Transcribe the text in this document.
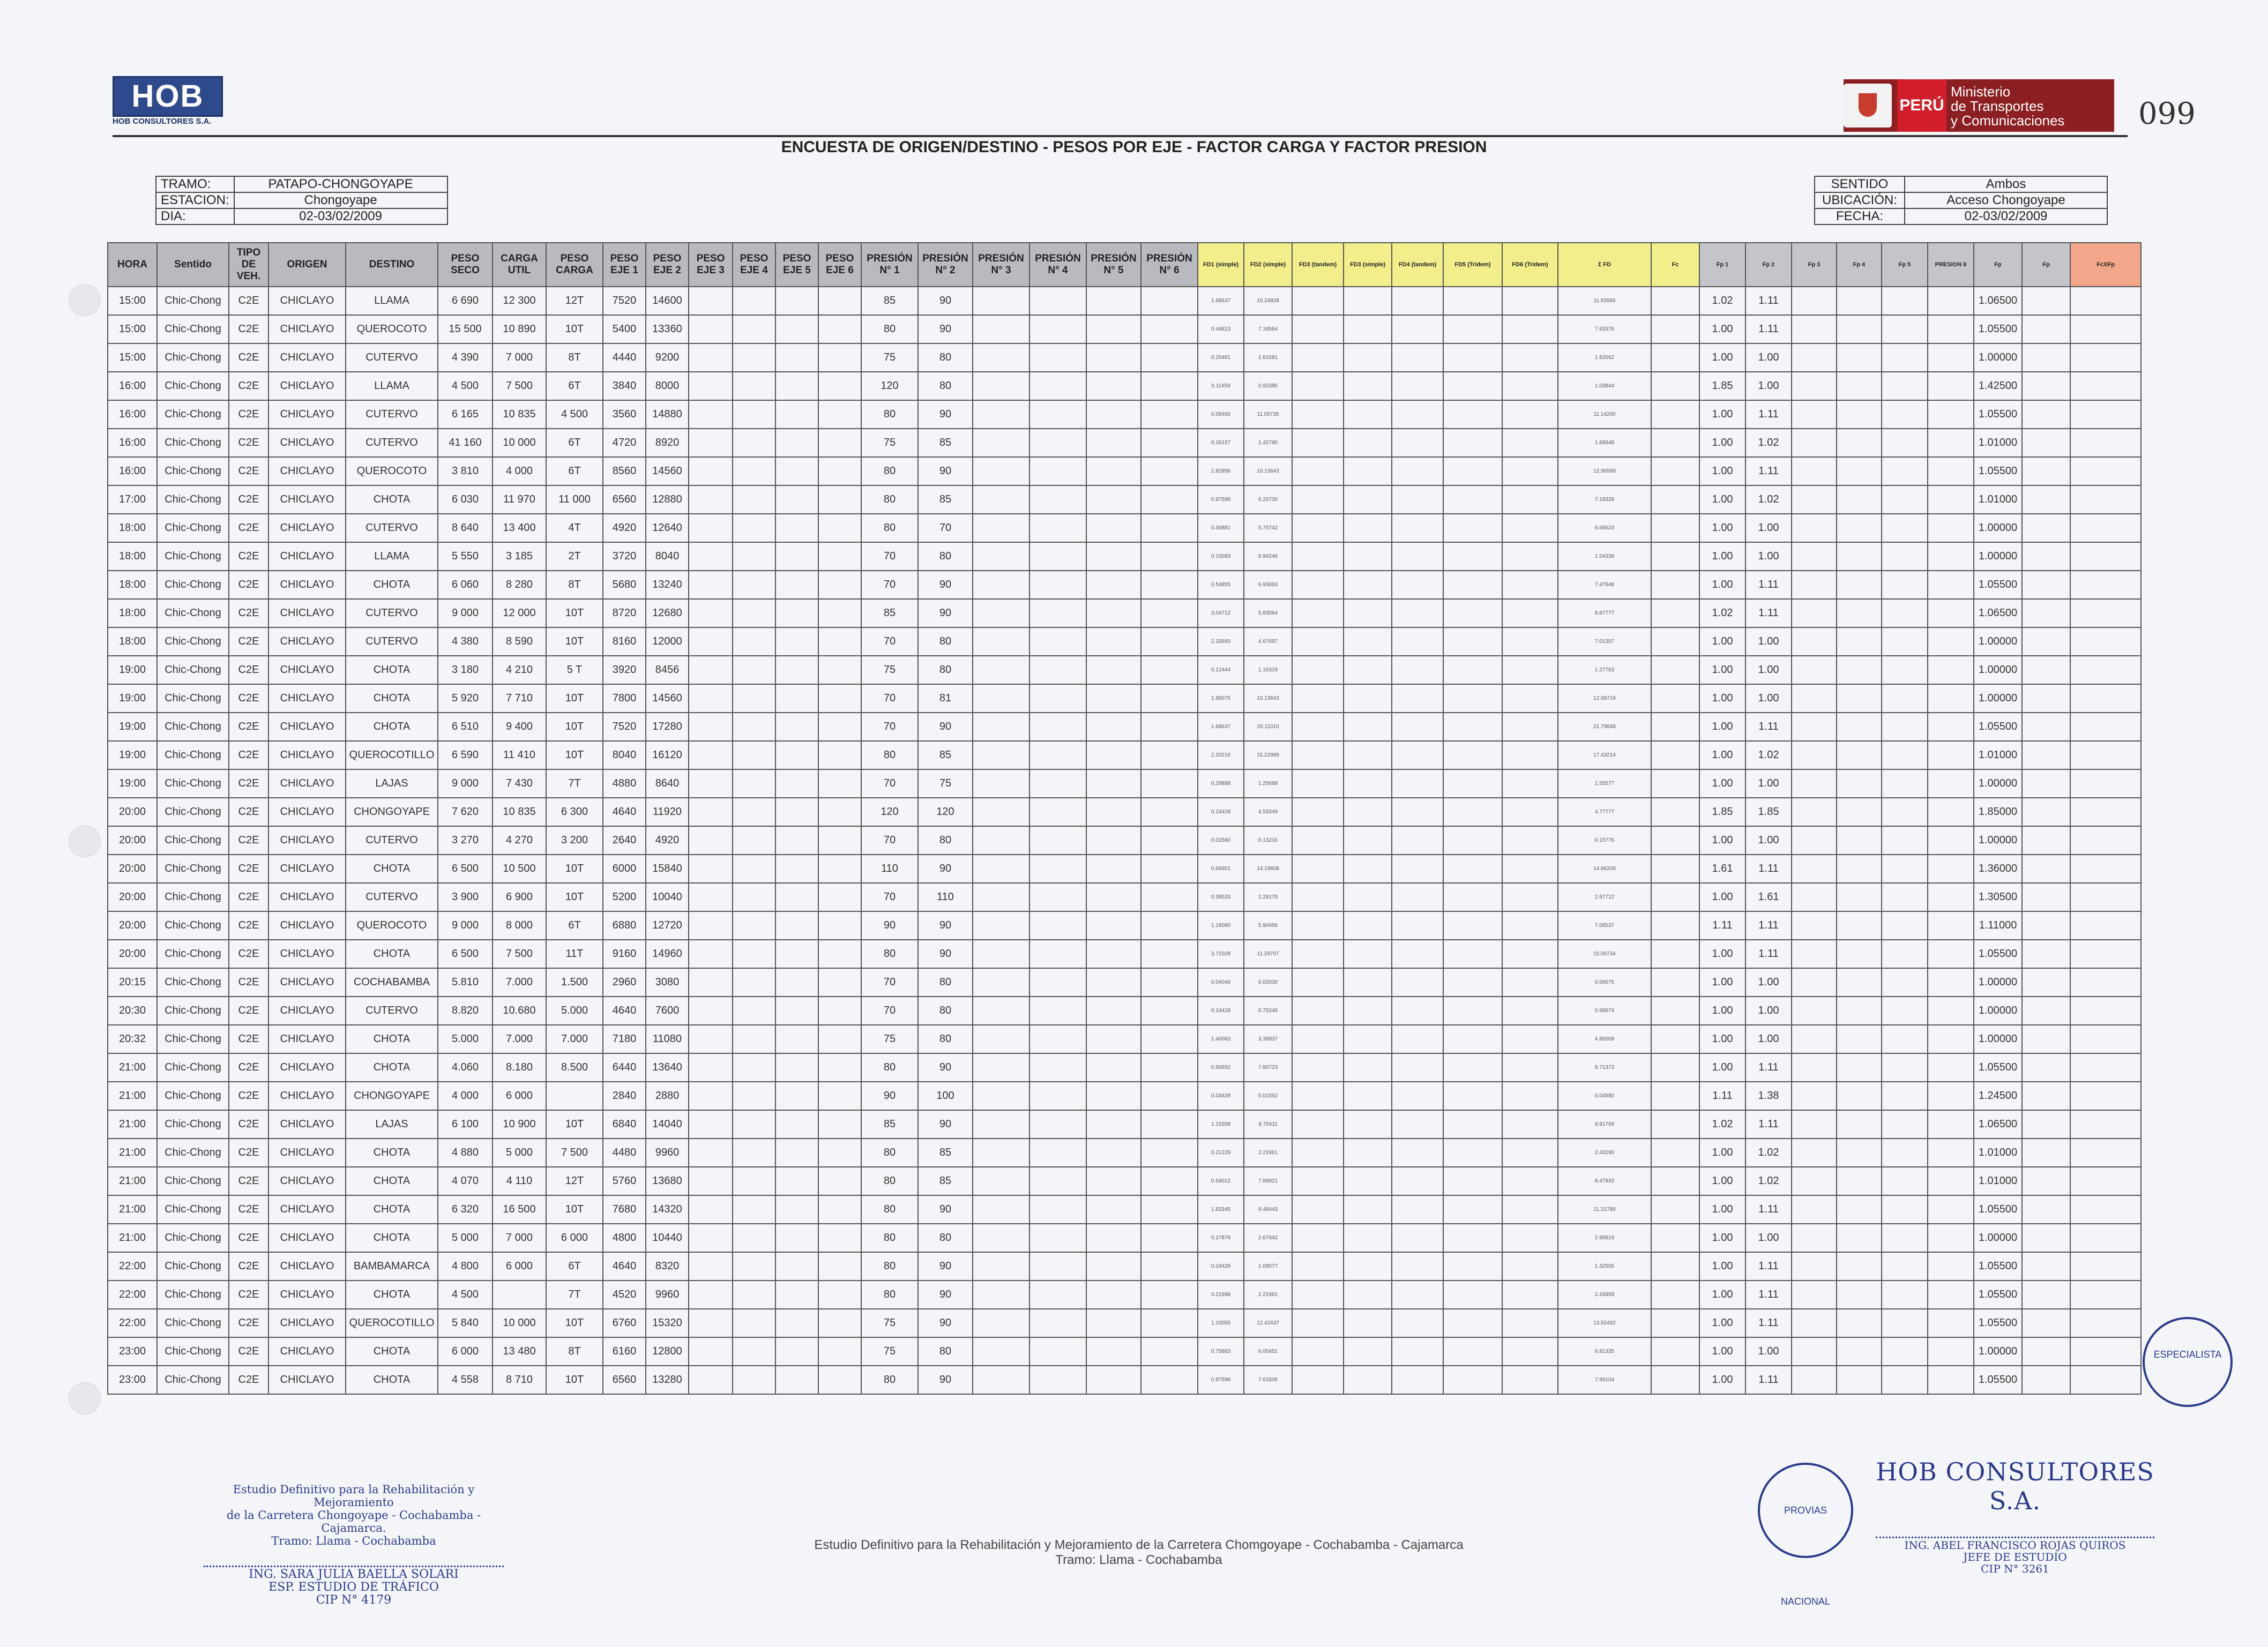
HOB
HOB CONSULTORES S.A.
PERÚ
Ministerio
de Transportes
y Comunicaciones 099
ENCUESTA DE ORIGEN/DESTINO - PESOS POR EJE - FACTOR CARGA Y FACTOR PRESION
TRAMO:	PATAPO-CHONGOYAPE
ESTACION:	Chongoyape
DIA:	02-03/02/2009
SENTIDO	Ambos
UBICACIÓN:	Acceso Chongoyape
FECHA:	02-03/02/2009
HORA	Sentido	TIPO DE VEH.	ORIGEN	DESTINO	PESO SECO	CARGA UTIL	PESO CARGA	PESO EJE 1	PESO EJE 2	PESO EJE 3	PESO EJE 4	PESO EJE 5	PESO EJE 6	PRESIÓN N° 1	PRESIÓN N° 2	PRESIÓN N° 3	PRESIÓN N° 4	PRESIÓN N° 5	PRESIÓN N° 6	FD1 (simple)	FD2 (simple)	FD3 (tandem)	FD3 (simple)	FD4 (tandem)	FD5 (Tridem)	FD6 (Tridem)	Σ FD	Fc	Fp 1	Fp 2	Fp 3	Fp 4	Fp 5	PRESION 6	Fp	Fp	FcXFp
15:00	Chic-Chong	C2E	CHICLAYO	LLAMA	6 690	12 300	12T	7520	14600					85	90					1.68637	10.24828						11.93565		1.02	1.11					1.06500		
15:00	Chic-Chong	C2E	CHICLAYO	QUEROCOTO	15 500	10 890	10T	5400	13360					80	90					0.44813	7.18564						7.63376		1.00	1.11					1.05500		
15:00	Chic-Chong	C2E	CHICLAYO	CUTERVO	4 390	7 000	8T	4440	9200					75	80					0.20481	1.61581						1.82062		1.00	1.00					1.00000		
16:00	Chic-Chong	C2E	CHICLAYO	LLAMA	4 500	7 500	6T	3840	8000					120	80					0.11459	0.92385						1.03844		1.85	1.00					1.42500		
16:00	Chic-Chong	C2E	CHICLAYO	CUTERVO	6 165	10 835	4 500	3560	14880					80	90					0.08465	11.05735						11.14200		1.00	1.11					1.05500		
16:00	Chic-Chong	C2E	CHICLAYO	CUTERVO	41 160	10 000	6T	4720	8920					75	85					0.26157	1.42790						1.68948		1.00	1.02					1.01000		
16:00	Chic-Chong	C2E	CHICLAYO	QUEROCOTO	3 810	4 000	6T	8560	14560					80	90					2.82956	10.13643						12.96599		1.00	1.11					1.05500		
17:00	Chic-Chong	C2E	CHICLAYO	CHOTA	6 030	11 970	11 000	6560	12880					80	85					0.97598	6.20730						7.18328		1.00	1.02					1.01000		
18:00	Chic-Chong	C2E	CHICLAYO	CUTERVO	8 640	13 400	4T	4920	12640					80	70					0.30881	5.75742						6.06623		1.00	1.00					1.00000		
18:00	Chic-Chong	C2E	CHICLAYO	LLAMA	5 550	3 185	2T	3720	8040					70	80					0.10093	0.94246						1.04339		1.00	1.00					1.00000		
18:00	Chic-Chong	C2E	CHICLAYO	CHOTA	6 060	8 280	8T	5680	13240					70	90					0.54855	6.93093						7.47948		1.00	1.11					1.05500		
18:00	Chic-Chong	C2E	CHICLAYO	CUTERVO	9 000	12 000	10T	8720	12680					85	90					3.04712	5.83064						8.87777		1.02	1.11					1.06500		
18:00	Chic-Chong	C2E	CHICLAYO	CUTERVO	4 380	8 590	10T	8160	12000					70	80					2.33660	4.67697						7.01357		1.00	1.00					1.00000		
19:00	Chic-Chong	C2E	CHICLAYO	CHOTA	3 180	4 210	5 T	3920	8456					75	80					0.12444	1.15319						1.27763		1.00	1.00					1.00000		
19:00	Chic-Chong	C2E	CHICLAYO	CHOTA	5 920	7 710	10T	7800	14560					70	81					1.95075	10.13643						12.08719		1.00	1.00					1.00000		
19:00	Chic-Chong	C2E	CHICLAYO	CHOTA	6 510	9 400	10T	7520	17280					70	90					1.68637	20.11010						21.79648		1.00	1.11					1.05500		
19:00	Chic-Chong	C2E	CHICLAYO	QUEROCOTILLO	6 590	11 410	10T	8040	16120					80	85					2.20216	15.22999						17.43214		1.00	1.02					1.01000		
19:00	Chic-Chong	C2E	CHICLAYO	LAJAS	9 000	7 430	7T	4880	8640					70	75					0.29888	1.25688						1.55577		1.00	1.00					1.00000		
20:00	Chic-Chong	C2E	CHICLAYO	CHONGOYAPE	7 620	10 835	6 300	4640	11920					120	120					0.24428	4.53349						4.77777		1.85	1.85					1.85000		
20:00	Chic-Chong	C2E	CHICLAYO	CUTERVO	3 270	4 270	3 200	2640	4920					70	80					0.02560	0.13216						0.15776		1.00	1.00					1.00000		
20:00	Chic-Chong	C2E	CHICLAYO	CHOTA	6 500	10 500	10T	6000	15840					110	90					0.66601	14.19608						14.86209		1.61	1.11					1.36000		
20:00	Chic-Chong	C2E	CHICLAYO	CUTERVO	3 900	6 900	10T	5200	10040					70	110					0.38533	2.29179						2.67712		1.00	1.61					1.30500		
20:00	Chic-Chong	C2E	CHICLAYO	QUEROCOTO	9 000	8 000	6T	6880	12720					90	90					1.18080	5.90456						7.08537		1.11	1.11					1.11000		
20:00	Chic-Chong	C2E	CHICLAYO	CHOTA	6 500	7 500	11T	9160	14960					80	90					3.71028	11.29707						15.00734		1.00	1.11					1.05500		
20:15	Chic-Chong	C2E	CHICLAYO	COCHABAMBA	5.810	7.000	1.500	2960	3080					70	80					0.04046	0.02030						0.06075		1.00	1.00					1.00000		
20:30	Chic-Chong	C2E	CHICLAYO	CUTERVO	8.820	10.680	5.000	4640	7600					70	80					0.24428	0.75246						0.99674		1.00	1.00					1.00000		
20:32	Chic-Chong	C2E	CHICLAYO	CHOTA	5.000	7.000	7.000	7180	11080					75	80					1.40083	3.39937						4.80009		1.00	1.00					1.00000		
21:00	Chic-Chong	C2E	CHICLAYO	CHOTA	4.060	8.180	8.500	6440	13640					80	90					0.90650	7.80723						8.71373		1.00	1.11					1.05500		
21:00	Chic-Chong	C2E	CHICLAYO	CHONGOYAPE	4 000	6 000		2840	2880					90	100					0.03428	0.01552						0.04980		1.11	1.38					1.24500		
21:00	Chic-Chong	C2E	CHICLAYO	LAJAS	6 100	10 900	10T	6840	14040					85	90					1.15358	8.76411						9.91769		1.02	1.11					1.06500		
21:00	Chic-Chong	C2E	CHICLAYO	CHOTA	4 880	5 000	7 500	4480	9960					80	85					0.21229	2.21961						2.43190		1.00	1.02					1.01000		
21:00	Chic-Chong	C2E	CHICLAYO	CHOTA	4 070	4 110	12T	5760	13680					80	85					0.58012	7.89921						8.47933		1.00	1.02					1.01000		
21:00	Chic-Chong	C2E	CHICLAYO	CHOTA	6 320	16 500	10T	7680	14320					80	90					1.83345	9.48443						11.31788		1.00	1.11					1.05500		
21:00	Chic-Chong	C2E	CHICLAYO	CHOTA	5 000	7 000	6 000	4800	10440					80	80					0.27879	2.67942						2.95819		1.00	1.00					1.00000		
22:00	Chic-Chong	C2E	CHICLAYO	BAMBAMARCA	4 800	6 000	6T	4640	8320					80	90					0.24428	1.08077						1.32505		1.00	1.11					1.05500		
22:00	Chic-Chong	C2E	CHICLAYO	CHOTA	4 500		7T	4520	9960					80	90					0.21998	2.21961						2.43959		1.00	1.11					1.05500		
22:00	Chic-Chong	C2E	CHICLAYO	QUEROCOTILLO	5 840	10 000	10T	6760	15320					75	90					1.10055	12.42437						13.52492		1.00	1.11					1.05500		
23:00	Chic-Chong	C2E	CHICLAYO	CHOTA	6 000	13 480	8T	6160	12800					75	80					0.75883	6.05451						6.81335		1.00	1.00					1.00000		
23:00	Chic-Chong	C2E	CHICLAYO	CHOTA	4 558	8 710	10T	6560	13280					80	90					0.97598	7.01506						7.99104		1.00	1.11					1.05500		
Estudio Definitivo para la Rehabilitación y Mejoramiento
de la Carretera Chongoyape - Cochabamba - Cajamarca.
Tramo: Llama - Cochabamba
ING. SARA JULIA BAELLA SOLARI
ESP. ESTUDIO DE TRÁFICO
CIP N° 4179
Estudio Definitivo para la Rehabilitación y Mejoramiento de la Carretera Chomgoyape - Cochabamba - Cajamarca
Tramo: Llama - Cochabamba
PROVIAS NACIONAL
ESPECIALISTA
HOB CONSULTORES S.A.
ING. ABEL FRANCISCO ROJAS QUIROS
JEFE DE ESTUDIO
CIP N° 3261
